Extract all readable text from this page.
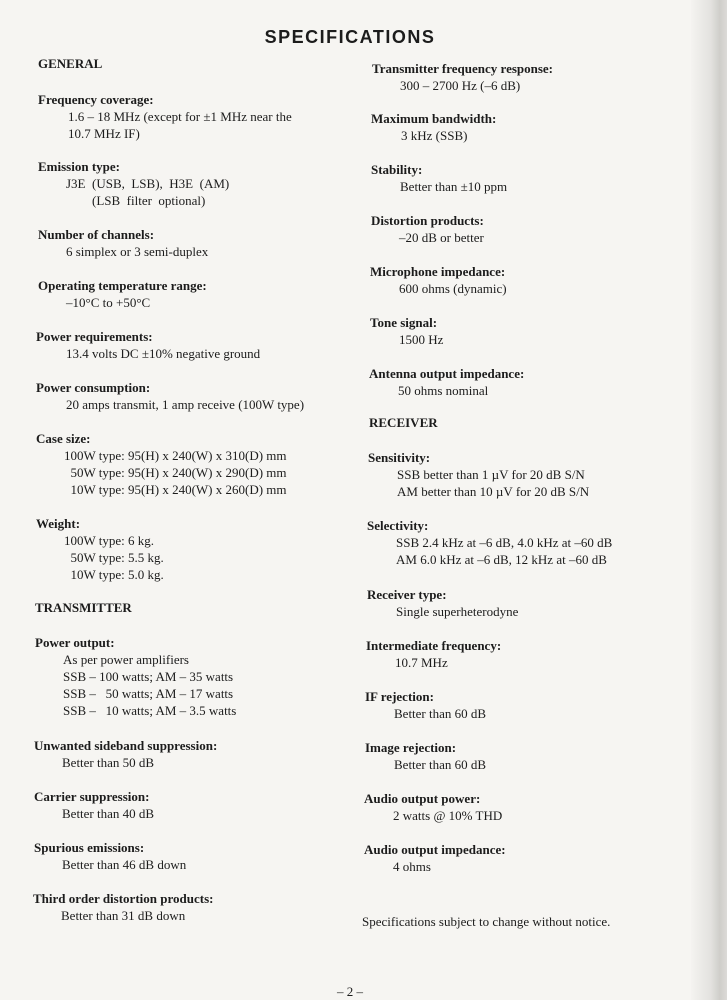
SPECIFICATIONS
GENERAL
Frequency coverage:
1.6 – 18 MHz (except for ±1 MHz near the
10.7 MHz IF)
Emission type:
J3E  (USB,  LSB),  H3E  (AM)
(LSB  filter  optional)
Number of channels:
6 simplex or 3 semi-duplex
Operating temperature range:
–10°C to +50°C
Power requirements:
13.4 volts DC ±10% negative ground
Power consumption:
20 amps transmit, 1 amp receive (100W type)
Case size:
100W type: 95(H) x 240(W) x 310(D) mm
50W type: 95(H) x 240(W) x 290(D) mm
10W type: 95(H) x 240(W) x 260(D) mm
Weight:
100W type: 6 kg.
50W type: 5.5 kg.
10W type: 5.0 kg.
TRANSMITTER
Power output:
As per power amplifiers
SSB – 100 watts; AM – 35 watts
SSB –   50 watts; AM – 17 watts
SSB –   10 watts; AM – 3.5 watts
Unwanted sideband suppression:
Better than 50 dB
Carrier suppression:
Better than 40 dB
Spurious emissions:
Better than 46 dB down
Third order distortion products:
Better than 31 dB down
Transmitter frequency response:
300 – 2700 Hz (–6 dB)
Maximum bandwidth:
3 kHz (SSB)
Stability:
Better than ±10 ppm
Distortion products:
–20 dB or better
Microphone impedance:
600 ohms (dynamic)
Tone signal:
1500 Hz
Antenna output impedance:
50 ohms nominal
RECEIVER
Sensitivity:
SSB better than 1 µV for 20 dB S/N
AM better than 10 µV for 20 dB S/N
Selectivity:
SSB 2.4 kHz at –6 dB, 4.0 kHz at –60 dB
AM 6.0 kHz at –6 dB, 12 kHz at –60 dB
Receiver type:
Single superheterodyne
Intermediate frequency:
10.7 MHz
IF rejection:
Better than 60 dB
Image rejection:
Better than 60 dB
Audio output power:
2 watts @ 10% THD
Audio output impedance:
4 ohms
Specifications subject to change without notice.
– 2 –
